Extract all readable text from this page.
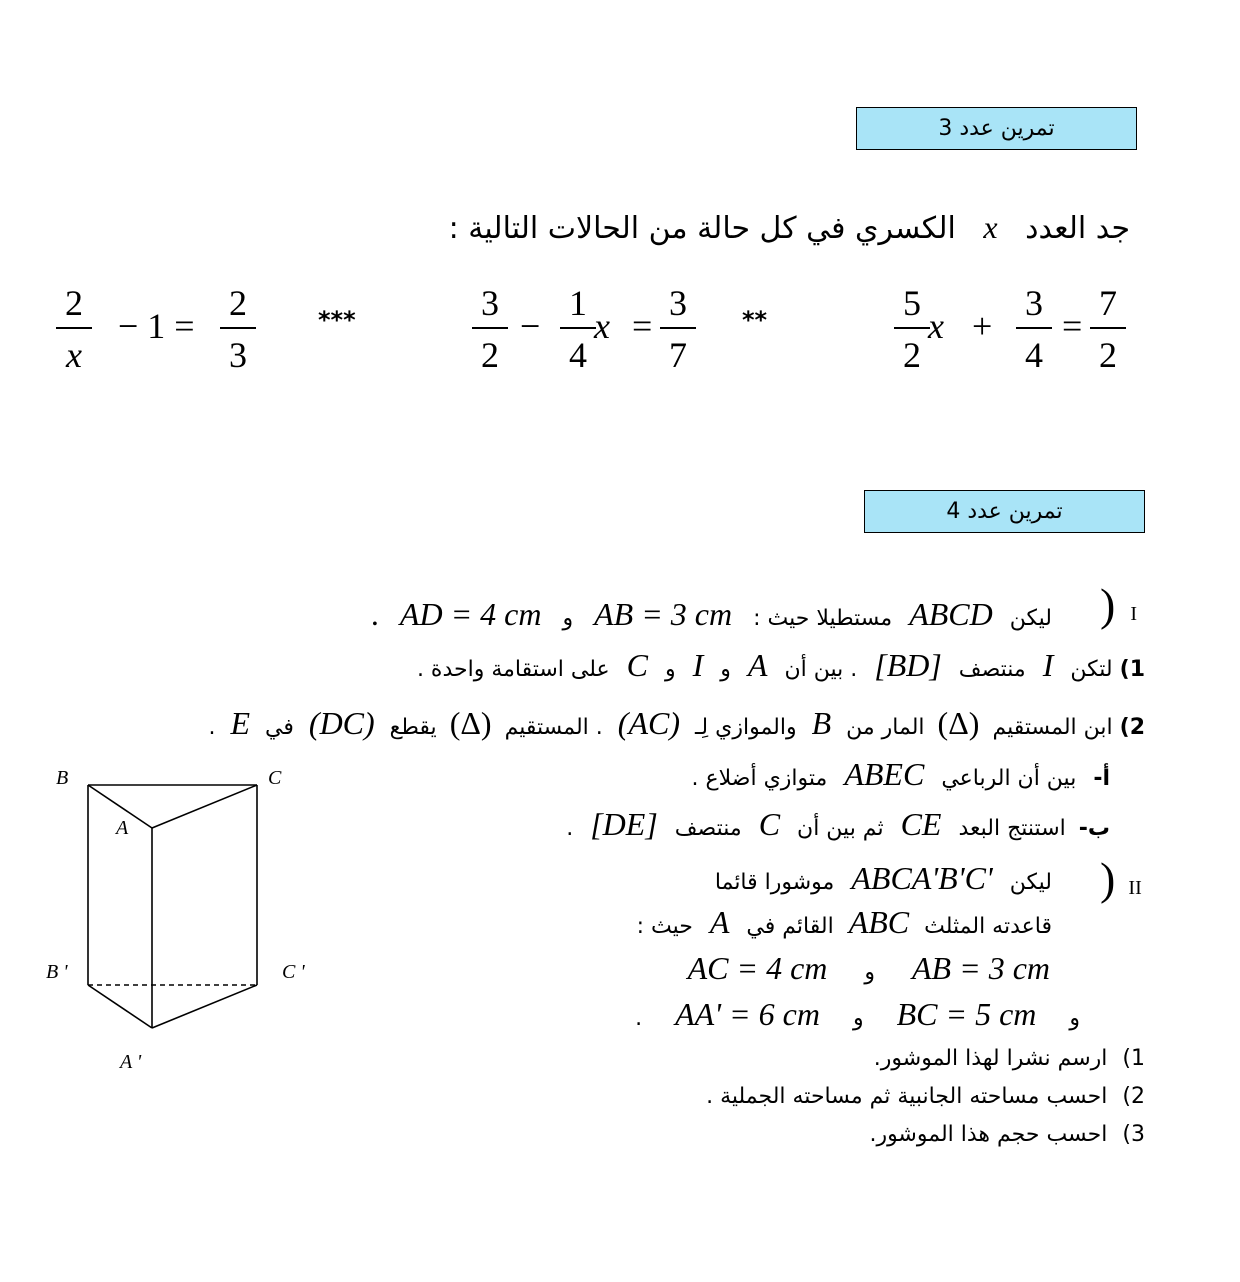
تمرين عدد 3
جد العدد x الكسري في كل حالة من الحالات التالية :
5
2
x +
3
4
=
7
2
**
3
2
−
1
4
x =
3
7
***
2
x
− 1 =
2
3
تمرين عدد 4
) I
ليكن ABCD مستطيلا حيث : AB = 3 cm و AD = 4 cm .
1) لتكن I منتصف [BD] . بين أن A و I و C على استقامة واحدة .
2) ابن المستقيم (Δ) المار من B والموازي لِـ (AC) . المستقيم (Δ) يقطع (DC) في E .
أ- بين أن الرباعي ABEC متوازي أضلاع .
ب- استنتج البعد CE ثم بين أن C منتصف [DE] .
) II
ليكن ABCA'B'C' موشورا قائما
قاعدته المثلث ABC القائم في A حيث :
AB = 3 cm و AC = 4 cm
و BC = 5 cm و AA' = 6 cm .
1) ارسم نشرا لهذا الموشور.
2) احسب مساحته الجانبية ثم مساحته الجملية .
3) احسب حجم هذا الموشور.
B	C
A
B '	C '
A '
